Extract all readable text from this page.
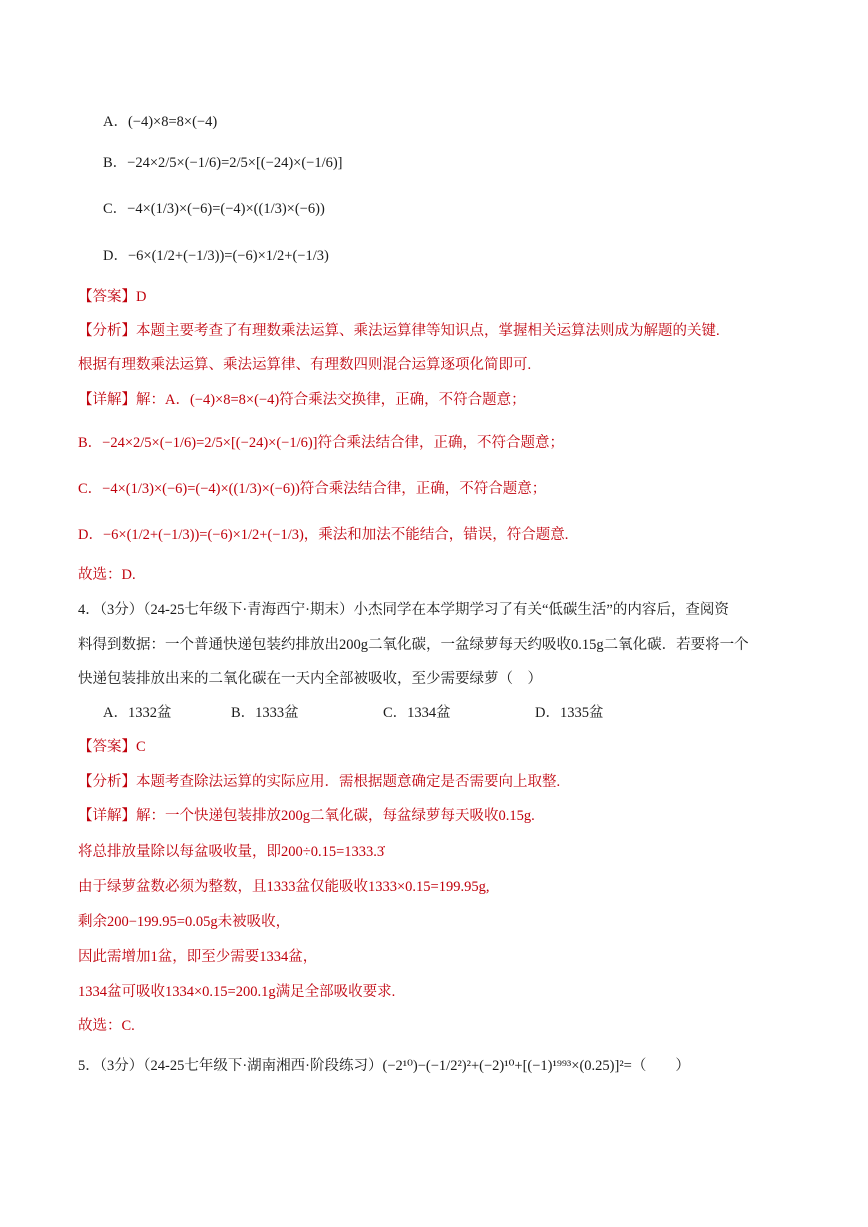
A．(−4)×8=8×(−4)
B．−24×2/5×(−1/6)=2/5×[(−24)×(−1/6)]
C．−4×(1/3)×(−6)=(−4)×((1/3)×(−6))
D．−6×(1/2+(−1/3))=(−6)×1/2+(−1/3)
【答案】D
【分析】本题主要考查了有理数乘法运算、乘法运算律等知识点，掌握相关运算法则成为解题的关键.
根据有理数乘法运算、乘法运算律、有理数四则混合运算逐项化简即可.
【详解】解：A．(−4)×8=8×(−4)符合乘法交换律，正确，不符合题意；
B．−24×2/5×(−1/6)=2/5×[(−24)×(−1/6)]符合乘法结合律，正确，不符合题意；
C．−4×(1/3)×(−6)=(−4)×((1/3)×(−6))符合乘法结合律，正确，不符合题意；
D．−6×(1/2+(−1/3))=(−6)×1/2+(−1/3)，乘法和加法不能结合，错误，符合题意.
故选：D.
4．（3分）（24-25七年级下·青海西宁·期末）小杰同学在本学期学习了有关“低碳生活”的内容后，查阅资
料得到数据：一个普通快递包装约排放出200g二氧化碳，一盆绿萝每天约吸收0.15g二氧化碳．若要将一个
快递包装排放出来的二氧化碳在一天内全部被吸收，至少需要绿萝（　）
A．1332盆	B．1333盆	C．1334盆	D．1335盆
【答案】C
【分析】本题考查除法运算的实际应用．需根据题意确定是否需要向上取整.
【详解】解：一个快递包装排放200g二氧化碳，每盆绿萝每天吸收0.15g.
将总排放量除以每盆吸收量，即200÷0.15=1333.3̇
由于绿萝盆数必须为整数，且1333盆仅能吸收1333×0.15=199.95g,
剩余200−199.95=0.05g未被吸收，
因此需增加1盆，即至少需要1334盆，
1334盆可吸收1334×0.15=200.1g满足全部吸收要求.
故选：C.
5．（3分）（24-25七年级下·湖南湘西·阶段练习）(−2¹⁰)−(−1/2²)²+(−2)¹⁰+[(−1)¹⁹⁹³×(0.25)]²=（　　）
